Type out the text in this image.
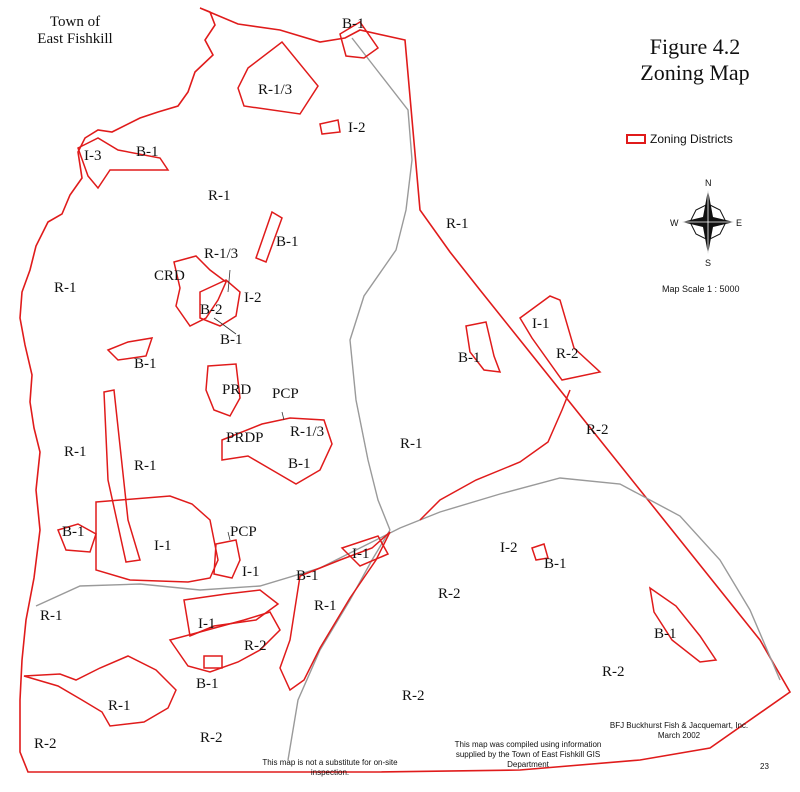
R-1/3
B-1
I-2
I-3 B-1
R-1
B-1
R-1/3
CRD
I-2
B-2
B-1
R-1
R-1
I-1
R-2
B-1
B-1
PRD PCP
PRDP R-1/3
B-1
R-1
R-1
R-1
R-2
B-1
I-1
PCP
I-1
I-1
B-1
R-1
I-2
B-1
R-1
R-2
I-1
R-2
B-1
B-1
R-1
R-2
R-2
R-2
R-2
N
S
E
W
Figure 4.2
Zoning Map
Town of
East Fishkill
Zoning Districts
Map Scale 1 : 5000
BFJ Buckhurst Fish & Jacquemart, Inc.
March 2002
This map is not a substitute for on-site inspection.
This map was compiled using information supplied by the Town of East Fishkill GIS Department	23
